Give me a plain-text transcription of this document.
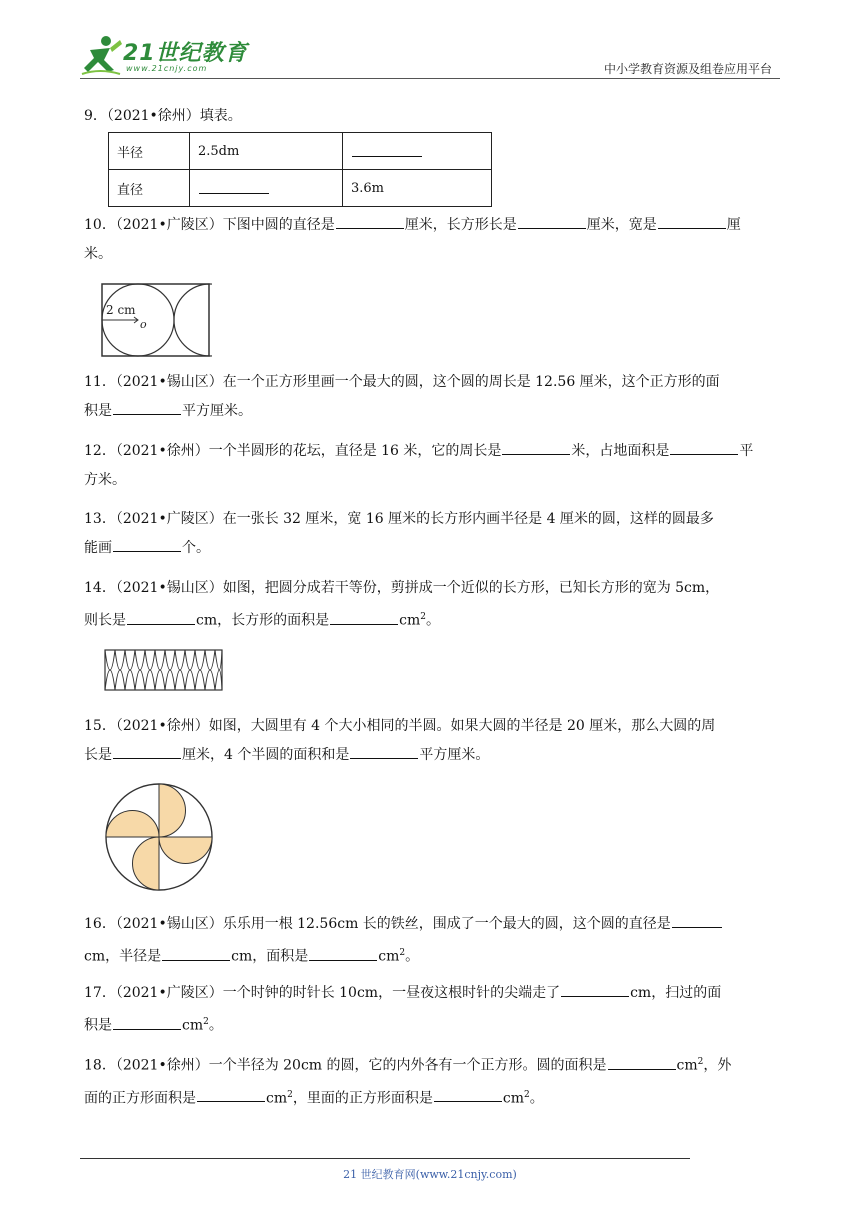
21世纪教育
www.21cnjy.com	中小学教育资源及组卷应用平台
9．（2021•徐州）填表。
半径	2.5dm	
直径		3.6m
10．（2021•广陵区）下图中圆的直径是	厘米，长方形长是	厘米，宽是	厘
米。
2 cm
o
11．（2021•锡山区）在一个正方形里画一个最大的圆，这个圆的周长是 12.56 厘米，这个正方形的面
积是	平方厘米。
12．（2021•徐州）一个半圆形的花坛，直径是 16 米，它的周长是	米，占地面积是	平
方米。
13．（2021•广陵区）在一张长 32 厘米，宽 16 厘米的长方形内画半径是 4 厘米的圆，这样的圆最多
能画	个。
14．（2021•锡山区）如图，把圆分成若干等份，剪拼成一个近似的长方形，已知长方形的宽为 5cm，
则长是	cm，长方形的面积是	$cm^2$。
15．（2021•徐州）如图，大圆里有 4 个大小相同的半圆。如果大圆的半径是 20 厘米，那么大圆的周
长是	厘米，4 个半圆的面积和是	平方厘米。
16．（2021•锡山区）乐乐用一根 12.56cm 长的铁丝，围成了一个最大的圆，这个圆的直径是
cm，半径是	cm，面积是	$cm^2$。
17．（2021•广陵区）一个时钟的时针长 10cm，一昼夜这根时针的尖端走了	cm，扫过的面
积是	$cm^2$。
18．（2021•徐州）一个半径为 20cm 的圆，它的内外各有一个正方形。圆的面积是	$cm^2$，外
面的正方形面积是	$cm^2$，里面的正方形面积是	$cm^2$。
21 世纪教育网(www.21cnjy.com)
